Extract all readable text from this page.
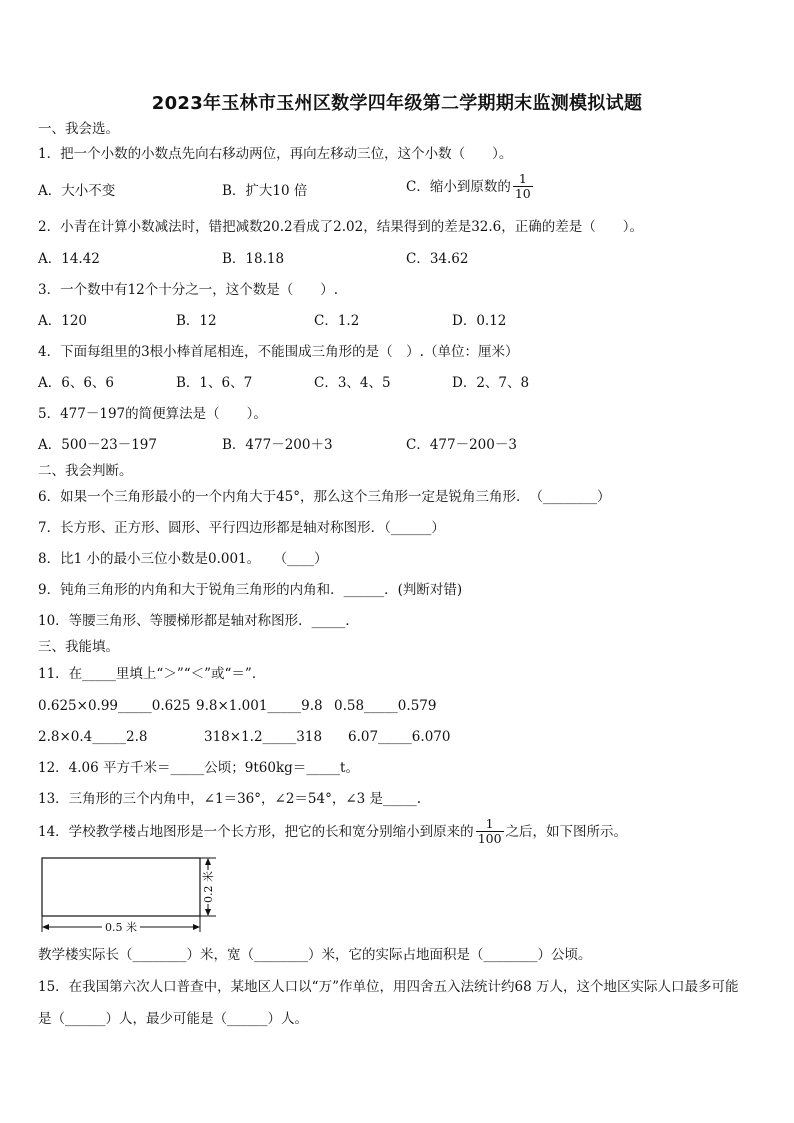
2023年玉林市玉州区数学四年级第二学期期末监测模拟试题
一、我会选。
1．把一个小数的小数点先向右移动两位，再向左移动三位，这个小数（　　）。
A．大小不变	B．扩大10 倍	C．缩小到原数的 $\frac{1}{10}$
2．小青在计算小数减法时，错把减数20.2看成了2.02，结果得到的差是32.6，正确的差是（　　）。
A．14.42	B．18.18	C．34.62
3．一个数中有12个十分之一，这个数是（　　）.
A．120	B．12	C．1.2	D．0.12
4．下面每组里的3根小棒首尾相连，不能围成三角形的是（　）.（单位：厘米）
A．6、6、6	B．1、6、7	C．3、4、5	D．2、7、8
5．477－197的简便算法是（　　）。
A．500－23－197	B．477－200＋3	C．477－200－3
二、我会判断。
6．如果一个三角形最小的一个内角大于45°，那么这个三角形一定是锐角三角形．　（________）
7．长方形、正方形、圆形、平行四边形都是轴对称图形．（______）
8．比1 小的最小三位小数是0.001。　　（____）
9．钝角三角形的内角和大于锐角三角形的内角和．______．(判断对错)
10．等腰三角形、等腰梯形都是轴对称图形．_____．
三、我能填。
11．在_____里填上“＞”“＜”或“＝”．
0.625×0.99_____0.625 9.8×1.001_____9.8 0.58_____0.579
2.8×0.4_____2.8	318×1.2_____318 6.07_____6.070
12．4.06 平方千米＝_____公顷；9t60kg＝_____t。
13．三角形的三个内角中，∠1＝36°，∠2＝54°，∠3 是_____.
14．学校教学楼占地图形是一个长方形，把它的长和宽分别缩小到原来的 $\frac{1}{100}$ 之后，如下图所示。
0.5 米
0.2 米
教学楼实际长（________）米，宽（________）米，它的实际占地面积是（________）公顷。
15．在我国第六次人口普查中，某地区人口以“万”作单位，用四舍五入法统计约68 万人，这个地区实际人口最多可能
是（______）人，最少可能是（______）人。
